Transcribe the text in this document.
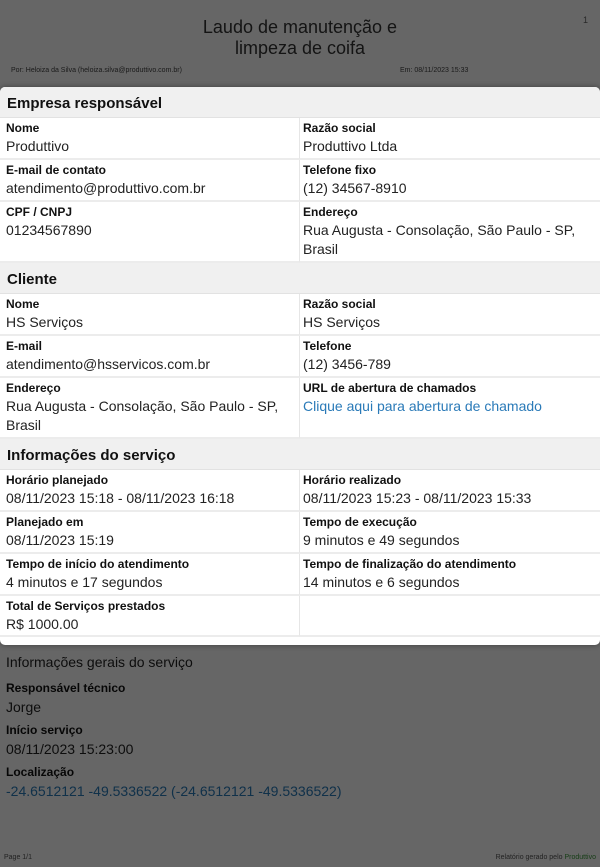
Empresa responsável
Nome
Produttivo
Razão social
Produttivo Ltda
E-mail de contato
atendimento@produttivo.com.br
Telefone fixo
(12) 34567-8910
CPF / CNPJ
01234567890
Endereço
Rua Augusta - Consolação, São Paulo - SP, Brasil
Cliente
Nome
HS Serviços
Razão social
HS Serviços
E-mail
atendimento@hsservicos.com.br
Telefone
(12) 3456-789
Endereço
Rua Augusta - Consolação, São Paulo - SP, Brasil
URL de abertura de chamados
Clique aqui para abertura de chamado
Informações do serviço
Horário planejado
08/11/2023 15:18 - 08/11/2023 16:18
Horário realizado
08/11/2023 15:23 - 08/11/2023 15:33
Planejado em
08/11/2023 15:19
Tempo de execução
9 minutos e 49 segundos
Tempo de início do atendimento
4 minutos e 17 segundos
Tempo de finalização do atendimento
14 minutos e 6 segundos
Total de Serviços prestados
R$ 1000.00
